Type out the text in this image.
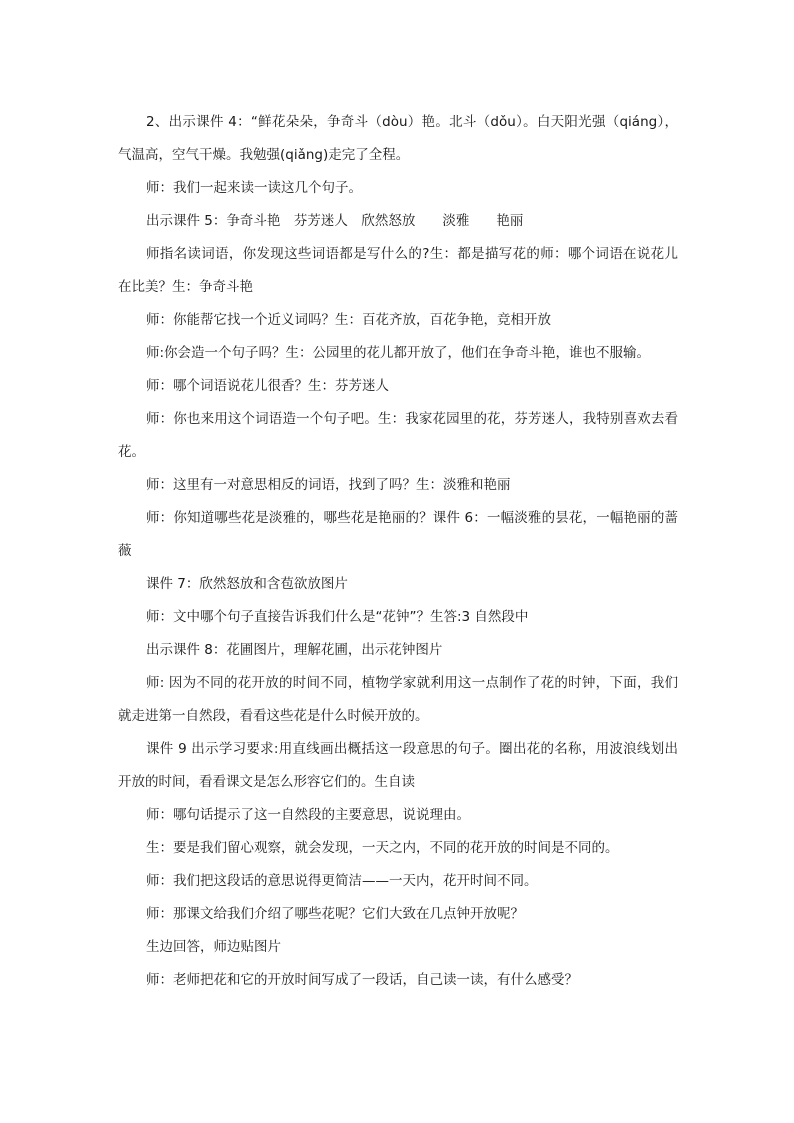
2、出示课件 4：“鲜花朵朵，争奇斗（dòu）艳。北斗（dǒu）。白天阳光强（qiáng），气温高，空气干燥。我勉强(qiǎng)走完了全程。

师：我们一起来读一读这几个句子。

出示课件 5：争奇斗艳　芬芳迷人　欣然怒放　　淡雅　　艳丽

师指名读词语，你发现这些词语都是写什么的?生：都是描写花的师：哪个词语在说花儿在比美？生：争奇斗艳

师：你能帮它找一个近义词吗？生：百花齐放，百花争艳，竞相开放

师:你会造一个句子吗？生：公园里的花儿都开放了，他们在争奇斗艳，谁也不服输。

师：哪个词语说花儿很香？生：芬芳迷人

师：你也来用这个词语造一个句子吧。生：我家花园里的花，芬芳迷人，我特别喜欢去看花。

师：这里有一对意思相反的词语，找到了吗？生：淡雅和艳丽

师：你知道哪些花是淡雅的，哪些花是艳丽的？课件 6：一幅淡雅的昙花，一幅艳丽的蔷薇

课件 7：欣然怒放和含苞欲放图片

师：文中哪个句子直接告诉我们什么是“花钟”？生答:3 自然段中

出示课件 8：花圃图片，理解花圃，出示花钟图片

师: 因为不同的花开放的时间不同，植物学家就利用这一点制作了花的时钟，下面，我们就走进第一自然段，看看这些花是什么时候开放的。

课件 9 出示学习要求:用直线画出概括这一段意思的句子。圈出花的名称，用波浪线划出开放的时间，看看课文是怎么形容它们的。生自读

师：哪句话提示了这一自然段的主要意思，说说理由。

生：要是我们留心观察，就会发现，一天之内，不同的花开放的时间是不同的。

师：我们把这段话的意思说得更简洁——一天内，花开时间不同。

师：那课文给我们介绍了哪些花呢？它们大致在几点钟开放呢？

生边回答，师边贴图片

师：老师把花和它的开放时间写成了一段话，自己读一读，有什么感受？
